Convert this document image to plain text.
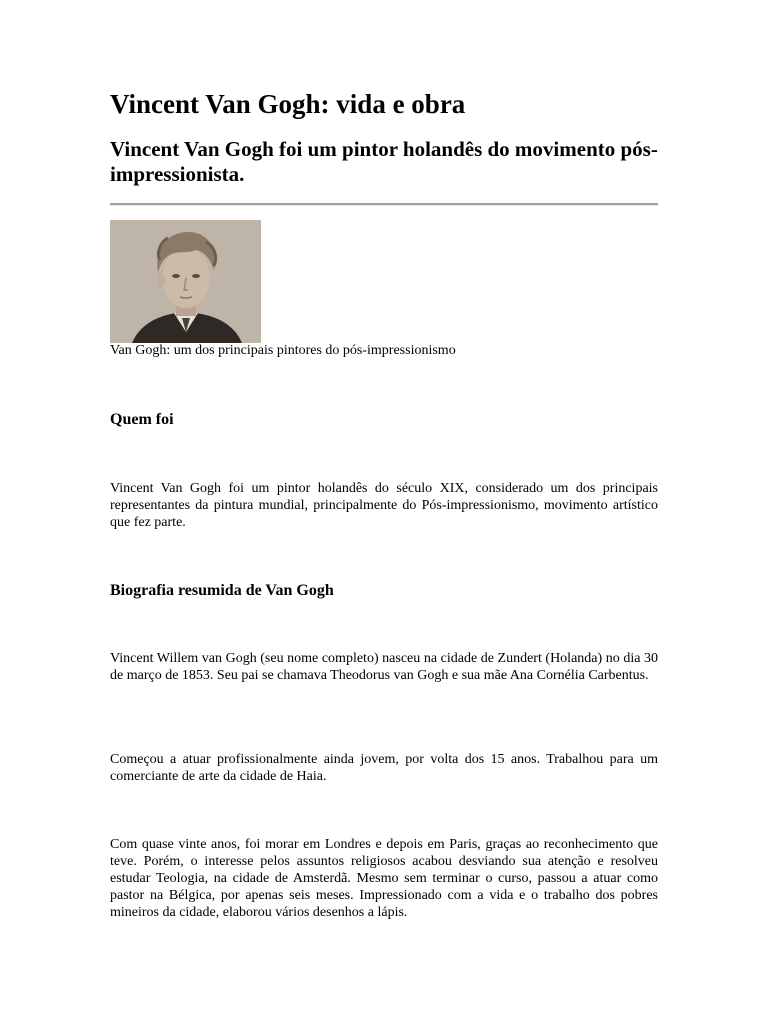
Vincent Van Gogh: vida e obra
Vincent Van Gogh foi um pintor holandês do movimento pós-impressionista.

Van Gogh: um dos principais pintores do pós-impressionismo

Quem foi

Vincent Van Gogh foi um pintor holandês do século XIX, considerado um dos principais representantes da pintura mundial, principalmente do Pós-impressionismo, movimento artístico que fez parte.

Biografia resumida de Van Gogh

Vincent Willem van Gogh (seu nome completo) nasceu na cidade de Zundert (Holanda) no dia 30 de março de 1853. Seu pai se chamava Theodorus van Gogh e sua mãe Ana Cornélia Carbentus.

Começou a atuar profissionalmente ainda jovem, por volta dos 15 anos. Trabalhou para um comerciante de arte da cidade de Haia.

Com quase vinte anos, foi morar em Londres e depois em Paris, graças ao reconhecimento que teve. Porém, o interesse pelos assuntos religiosos acabou desviando sua atenção e resolveu estudar Teologia, na cidade de Amsterdã. Mesmo sem terminar o curso, passou a atuar como pastor na Bélgica, por apenas seis meses. Impressionado com a vida e o trabalho dos pobres mineiros da cidade, elaborou vários desenhos a lápis.
